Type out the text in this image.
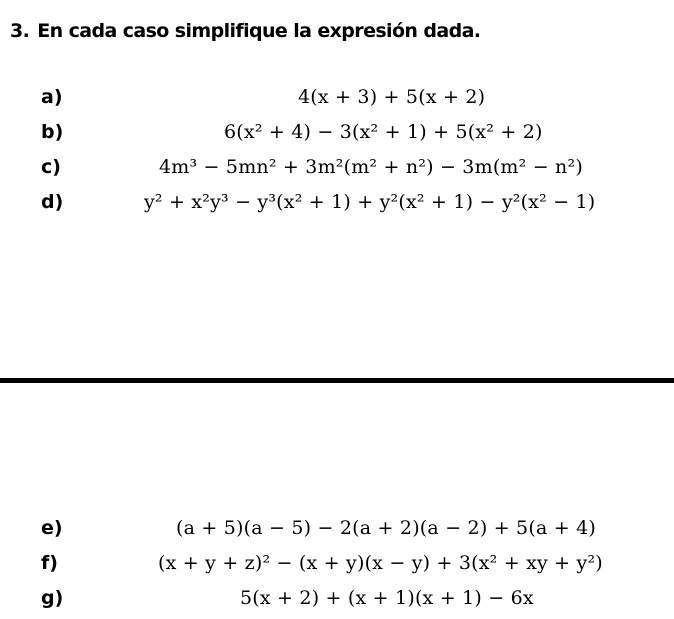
3. En cada caso simplifique la expresión dada.
a)	4(x + 3) + 5(x + 2)
b)	6(x² + 4) − 3(x² + 1) + 5(x² + 2)
c)	4m³ − 5mn² + 3m²(m² + n²) − 3m(m² − n²)
d)	y² + x²y³ − y³(x² + 1) + y²(x² + 1) − y²(x² − 1)
e)	(a + 5)(a − 5) − 2(a + 2)(a − 2) + 5(a + 4)
f)	(x + y + z)² − (x + y)(x − y) + 3(x² + xy + y²)
g)	5(x + 2) + (x + 1)(x + 1) − 6x
